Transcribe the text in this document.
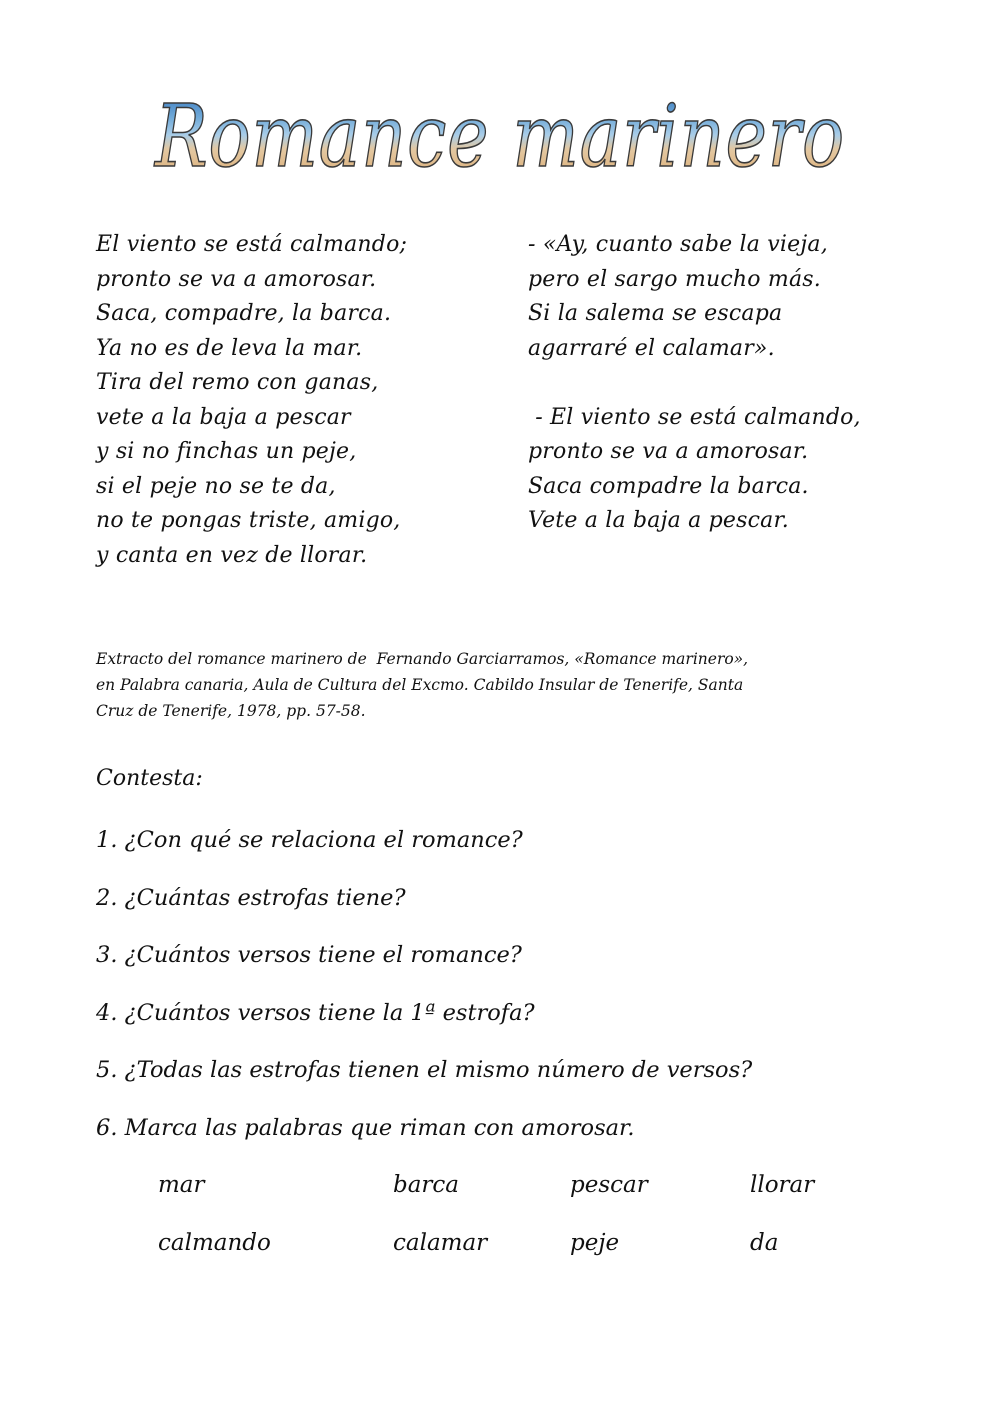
Romance marinero
El viento se está calmando;
pronto se va a amorosar.
Saca, compadre, la barca.
Ya no es de leva la mar.
Tira del remo con ganas,
vete a la baja a pescar
y si no finchas un peje,
si el peje no se te da,
no te pongas triste, amigo,
y canta en vez de llorar.
- «Ay, cuanto sabe la vieja,
pero el sargo mucho más.
Si la salema se escapa
agarraré el calamar».
- El viento se está calmando,
pronto se va a amorosar.
Saca compadre la barca.
Vete a la baja a pescar.
Extracto del romance marinero de  Fernando Garciarramos, «Romance marinero»,
en Palabra canaria, Aula de Cultura del Excmo. Cabildo Insular de Tenerife, Santa
Cruz de Tenerife, 1978, pp. 57-58.
Contesta:
1. ¿Con qué se relaciona el romance?
2. ¿Cuántas estrofas tiene?
3. ¿Cuántos versos tiene el romance?
4. ¿Cuántos versos tiene la 1ª estrofa?
5. ¿Todas las estrofas tienen el mismo número de versos?
6. Marca las palabras que riman con amorosar.
mar	barca	pescar	llorar
calmando	calamar	peje	da
